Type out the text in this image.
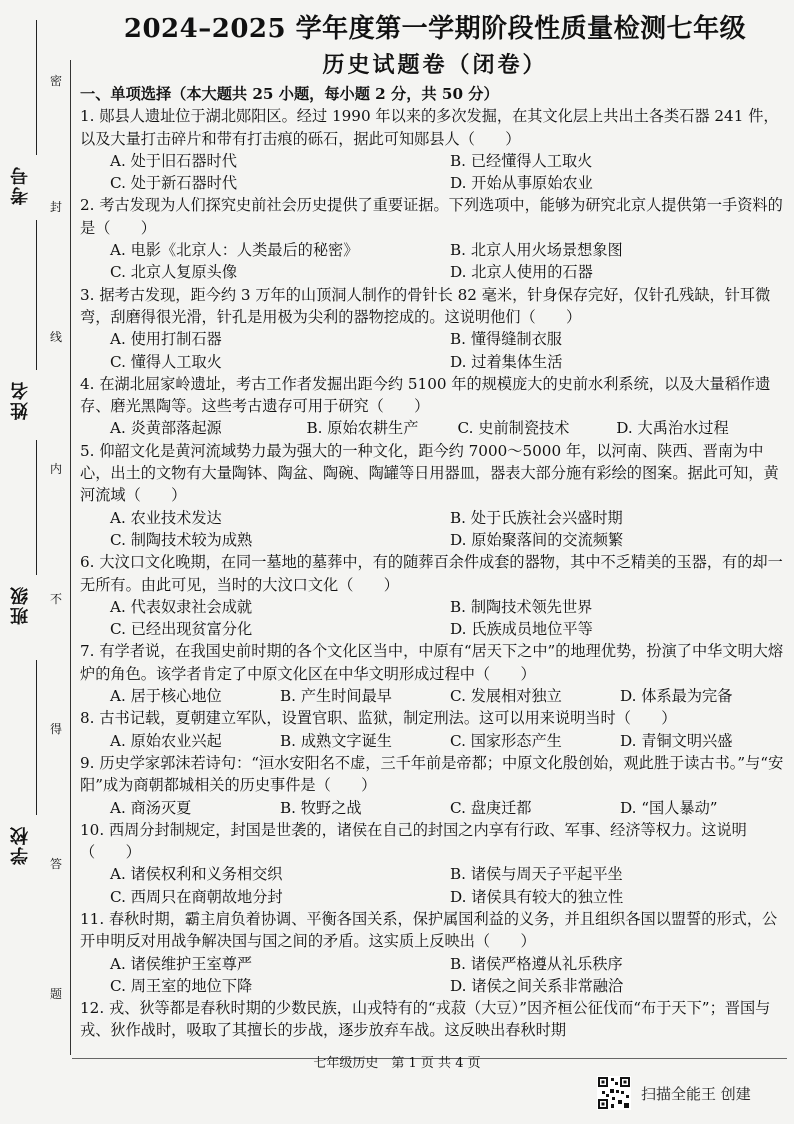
密
封
线
内
不
得
答
题
考号
姓名
班级
学校
2024–2025 学年度第一学期阶段性质量检测七年级
历史试题卷（闭卷）
一、单项选择（本大题共 25 小题，每小题 2 分，共 50 分）
1. 郧县人遗址位于湖北郧阳区。经过 1990 年以来的多次发掘，在其文化层上共出土各类石器 241 件，以及大量打击碎片和带有打击痕的砾石，据此可知郧县人（　　）
A. 处于旧石器时代	B. 已经懂得人工取火
C. 处于新石器时代	D. 开始从事原始农业
2. 考古发现为人们探究史前社会历史提供了重要证据。下列选项中，能够为研究北京人提供第一手资料的是（　　）
A. 电影《北京人：人类最后的秘密》	B. 北京人用火场景想象图
C. 北京人复原头像	D. 北京人使用的石器
3. 据考古发现，距今约 3 万年的山顶洞人制作的骨针长 82 毫米，针身保存完好，仅针孔残缺，针耳微弯，刮磨得很光滑，针孔是用极为尖利的器物挖成的。这说明他们（　　）
A. 使用打制石器	B. 懂得缝制衣服
C. 懂得人工取火	D. 过着集体生活
4. 在湖北屈家岭遗址，考古工作者发掘出距今约 5100 年的规模庞大的史前水利系统，以及大量稻作遗存、磨光黑陶等。这些考古遗存可用于研究（　　）
A. 炎黄部落起源	B. 原始农耕生产	C. 史前制瓷技术	D. 大禹治水过程
5. 仰韶文化是黄河流域势力最为强大的一种文化，距今约 7000～5000 年，以河南、陕西、晋南为中心，出土的文物有大量陶钵、陶盆、陶碗、陶罐等日用器皿，器表大部分施有彩绘的图案。据此可知，黄河流域（　　）
A. 农业技术发达	B. 处于氏族社会兴盛时期
C. 制陶技术较为成熟	D. 原始聚落间的交流频繁
6. 大汶口文化晚期，在同一墓地的墓葬中，有的随葬百余件成套的器物，其中不乏精美的玉器，有的却一无所有。由此可见，当时的大汶口文化（　　）
A. 代表奴隶社会成就	B. 制陶技术领先世界
C. 已经出现贫富分化	D. 氏族成员地位平等
7. 有学者说，在我国史前时期的各个文化区当中，中原有“居天下之中”的地理优势，扮演了中华文明大熔炉的角色。该学者肯定了中原文化区在中华文明形成过程中（　　）
A. 居于核心地位	B. 产生时间最早	C. 发展相对独立	D. 体系最为完备
8. 古书记载，夏朝建立军队，设置官职、监狱，制定刑法。这可以用来说明当时（　　）
A. 原始农业兴起	B. 成熟文字诞生	C. 国家形态产生	D. 青铜文明兴盛
9. 历史学家郭沫若诗句：“洹水安阳名不虚，三千年前是帝都；中原文化殷创始，观此胜于读古书。”与“安阳”成为商朝都城相关的历史事件是（　　）
A. 商汤灭夏	B. 牧野之战	C. 盘庚迁都	D. “国人暴动”
10. 西周分封制规定，封国是世袭的，诸侯在自己的封国之内享有行政、军事、经济等权力。这说明（　　）
A. 诸侯权利和义务相交织	B. 诸侯与周天子平起平坐
C. 西周只在商朝故地分封	D. 诸侯具有较大的独立性
11. 春秋时期，霸主肩负着协调、平衡各国关系，保护属国利益的义务，并且组织各国以盟誓的形式，公开申明反对用战争解决国与国之间的矛盾。这实质上反映出（　　）
A. 诸侯维护王室尊严	B. 诸侯严格遵从礼乐秩序
C. 周王室的地位下降	D. 诸侯之间关系非常融洽
12. 戎、狄等都是春秋时期的少数民族，山戎特有的“戎菽（大豆）”因齐桓公征伐而“布于天下”；晋国与戎、狄作战时，吸取了其擅长的步战，逐步放弃车战。这反映出春秋时期
七年级历史　第 1 页 共 4 页
扫描全能王 创建
